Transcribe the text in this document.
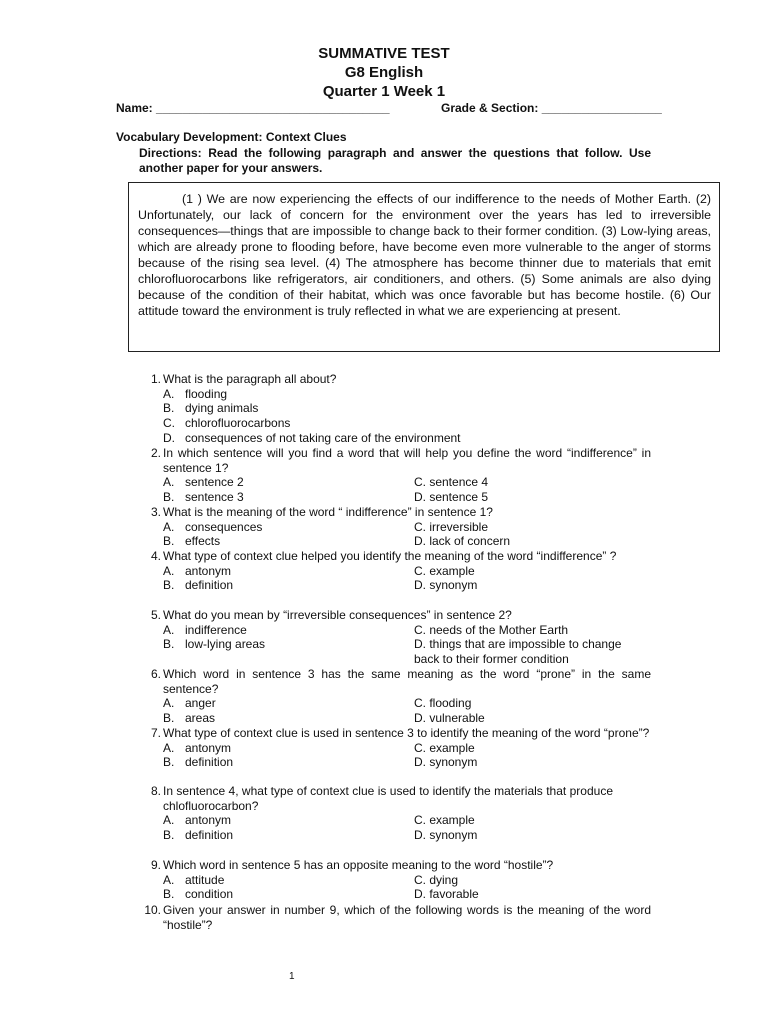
SUMMATIVE TEST
G8 English
Quarter 1 Week 1
Name: ___________________________________	Grade & Section: __________________
Vocabulary Development: Context Clues
Directions: Read the following paragraph and answer the questions that follow. Use another paper for your answers.

(1 ) We are now experiencing the effects of our indifference to the needs of Mother Earth. (2) Unfortunately, our lack of concern for the environment over the years has led to irreversible consequences—things that are impossible to change back to their former condition. (3) Low-lying areas, which are already prone to flooding before, have become even more vulnerable to the anger of storms because of the rising sea level. (4) The atmosphere has become thinner due to materials that emit chlorofluorocarbons like refrigerators, air conditioners, and others. (5) Some animals are also dying because of the condition of their habitat, which was once favorable but has become hostile. (6) Our attitude toward the environment is truly reflected in what we are experiencing at present.

1. What is the paragraph all about?
A. flooding
B. dying animals
C. chlorofluorocarbons
D. consequences of not taking care of the environment
2. In which sentence will you find a word that will help you define the word “indifference” in sentence 1?
A. sentence 2	C. sentence 4
B. sentence 3	D. sentence 5
3. What is the meaning of the word “ indifference” in sentence 1?
A. consequences	C. irreversible
B. effects	D. lack of concern
4. What type of context clue helped you identify the meaning of the word “indifference” ?
A. antonym	C. example
B. definition	D. synonym
5. What do you mean by “irreversible consequences” in sentence 2?
A. indifference	C. needs of the Mother Earth
B. low-lying areas	D. things that are impossible to change back to their former condition
6. Which word in sentence 3 has the same meaning as the word “prone” in the same sentence?
A. anger	C. flooding
B. areas	D. vulnerable
7. What type of context clue is used in sentence 3 to identify the meaning of the word “prone”?
A. antonym	C. example
B. definition	D. synonym
8. In sentence 4, what type of context clue is used to identify the materials that produce chlofluorocarbon?
A. antonym	C. example
B. definition	D. synonym
9. Which word in sentence 5 has an opposite meaning to the word “hostile”?
A. attitude	C. dying
B. condition	D. favorable
10. Given your answer in number 9, which of the following words is the meaning of the word “hostile”?
1
